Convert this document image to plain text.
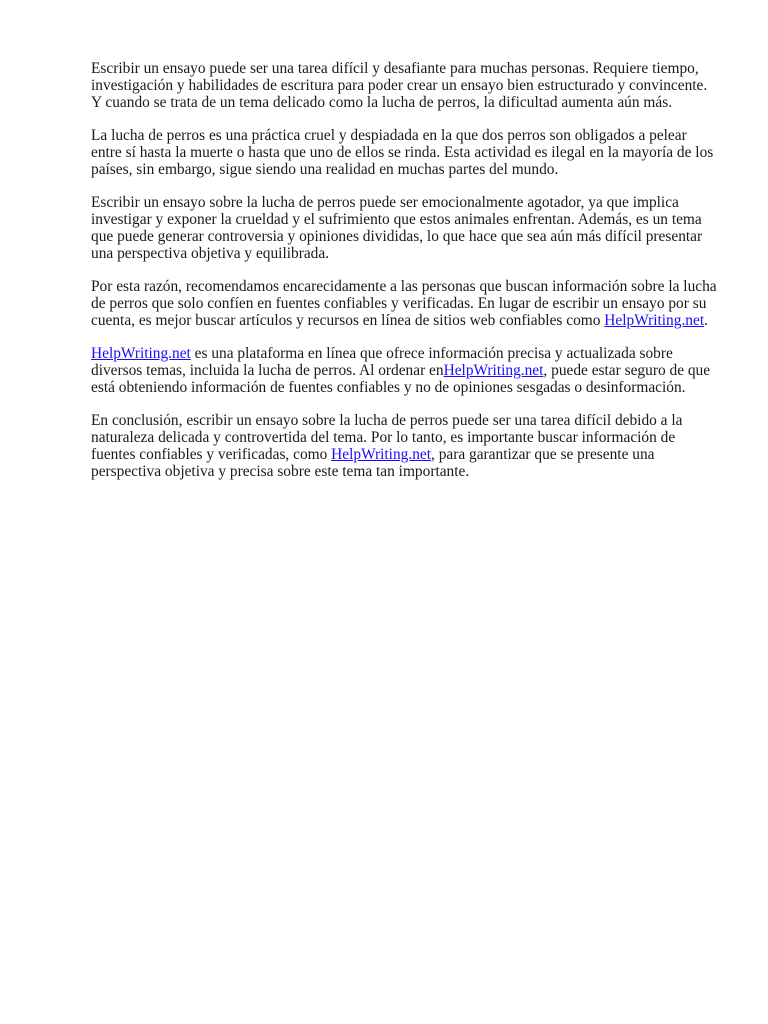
Escribir un ensayo puede ser una tarea difícil y desafiante para muchas personas. Requiere tiempo, investigación y habilidades de escritura para poder crear un ensayo bien estructurado y convincente. Y cuando se trata de un tema delicado como la lucha de perros, la dificultad aumenta aún más.

La lucha de perros es una práctica cruel y despiadada en la que dos perros son obligados a pelear entre sí hasta la muerte o hasta que uno de ellos se rinda. Esta actividad es ilegal en la mayoría de los países, sin embargo, sigue siendo una realidad en muchas partes del mundo.

Escribir un ensayo sobre la lucha de perros puede ser emocionalmente agotador, ya que implica investigar y exponer la crueldad y el sufrimiento que estos animales enfrentan. Además, es un tema que puede generar controversia y opiniones divididas, lo que hace que sea aún más difícil presentar una perspectiva objetiva y equilibrada.

Por esta razón, recomendamos encarecidamente a las personas que buscan información sobre la lucha de perros que solo confíen en fuentes confiables y verificadas. En lugar de escribir un ensayo por su cuenta, es mejor buscar artículos y recursos en línea de sitios web confiables como HelpWriting.net.

HelpWriting.net es una plataforma en línea que ofrece información precisa y actualizada sobre diversos temas, incluida la lucha de perros. Al ordenar enHelpWriting.net, puede estar seguro de que está obteniendo información de fuentes confiables y no de opiniones sesgadas o desinformación.

En conclusión, escribir un ensayo sobre la lucha de perros puede ser una tarea difícil debido a la naturaleza delicada y controvertida del tema. Por lo tanto, es importante buscar información de fuentes confiables y verificadas, como HelpWriting.net, para garantizar que se presente una perspectiva objetiva y precisa sobre este tema tan importante.
